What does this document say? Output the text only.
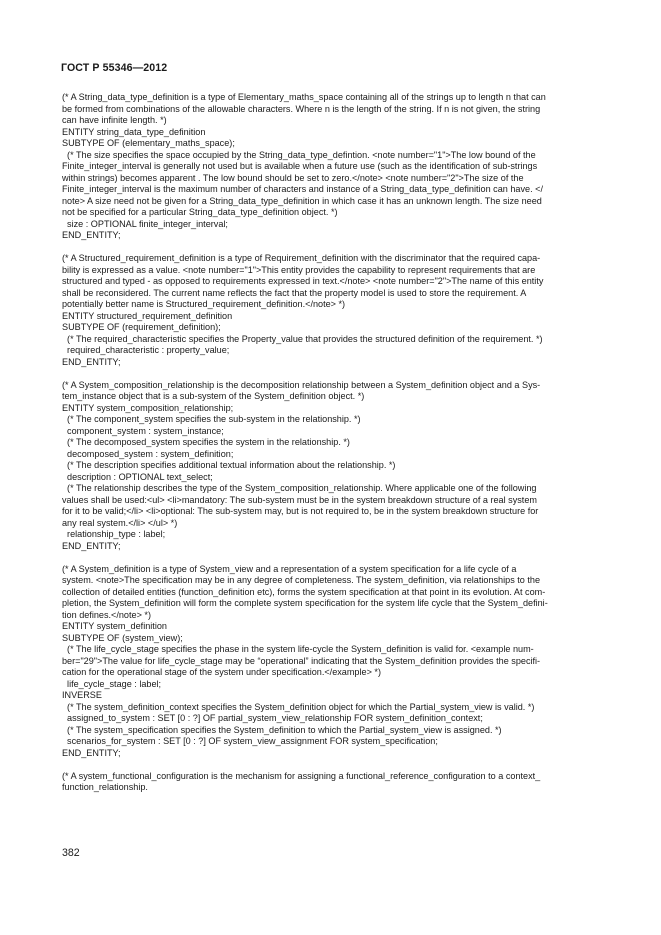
ГОСТ Р 55346—2012
(* A String_data_type_definition is a type of Elementary_maths_space containing all of the strings up to length n that can
be formed from combinations of the allowable characters. Where n is the length of the string. If n is not given, the string
can have infinite length. *)
ENTITY string_data_type_definition
SUBTYPE OF (elementary_maths_space);
(* The size specifies the space occupied by the String_data_type_defintion. <note number="1">The low bound of the
Finite_integer_interval is generally not used but is available when a future use (such as the identification of sub-strings
within strings) becomes apparent . The low bound should be set to zero.</note> <note number="2">The size of the
Finite_integer_interval is the maximum number of characters and instance of a String_data_type_definition can have. </
note> A size need not be given for a String_data_type_definition in which case it has an unknown length. The size need
not be specified for a particular String_data_type_definition object. *)
size : OPTIONAL finite_integer_interval;
END_ENTITY;
(* A Structured_requirement_definition is a type of Requirement_definition with the discriminator that the required capa-
bility is expressed as a value. <note number="1">This entity provides the capability to represent requirements that are
structured and typed - as opposed to requirements expressed in text.</note> <note number="2">The name of this entity
shall be reconsidered. The current name reflects the fact that the property model is used to store the requirement. A
potentially better name is Structured_requirement_definition.</note> *)
ENTITY structured_requirement_definition
SUBTYPE OF (requirement_definition);
(* The required_characteristic specifies the Property_value that provides the structured definition of the requirement. *)
required_characteristic : property_value;
END_ENTITY;
(* A System_composition_relationship is the decomposition relationship between a System_definition object and a Sys-
tem_instance object that is a sub-system of the System_definition object. *)
ENTITY system_composition_relationship;
(* The component_system specifies the sub-system in the relationship. *)
component_system : system_instance;
(* The decomposed_system specifies the system in the relationship. *)
decomposed_system : system_definition;
(* The description specifies additional textual information about the relationship. *)
description : OPTIONAL text_select;
(* The relationship describes the type of the System_composition_relationship. Where applicable one of the following
values shall be used:<ul> <li>mandatory: The sub-system must be in the system breakdown structure of a real system
for it to be valid;</li> <li>optional: The sub-system may, but is not required to, be in the system breakdown structure for
any real system.</li> </ul> *)
relationship_type : label;
END_ENTITY;
(* A System_definition is a type of System_view and a representation of a system specification for a life cycle of a
system. <note>The specification may be in any degree of completeness. The system_definition, via relationships to the
collection of detailed entities (function_definition etc), forms the system specification at that point in its evolution. At com-
pletion, the System_definition will form the complete system specification for the system life cycle that the System_defini-
tion defines.</note> *)
ENTITY system_definition
SUBTYPE OF (system_view);
(* The life_cycle_stage specifies the phase in the system life-cycle the System_definition is valid for. <example num-
ber="29">The value for life_cycle_stage may be “operational” indicating that the System_definition provides the specifi-
cation for the operational stage of the system under specification.</example> *)
life_cycle_stage : label;
INVERSE
(* The system_definition_context specifies the System_definition object for which the Partial_system_view is valid. *)
assigned_to_system : SET [0 : ?] OF partial_system_view_relationship FOR system_definition_context;
(* The system_specification specifies the System_definition to which the Partial_system_view is assigned. *)
scenarios_for_system : SET [0 : ?] OF system_view_assignment FOR system_specification;
END_ENTITY;
(* A system_functional_configuration is the mechanism for assigning a functional_reference_configuration to a context_
function_relationship.
382
